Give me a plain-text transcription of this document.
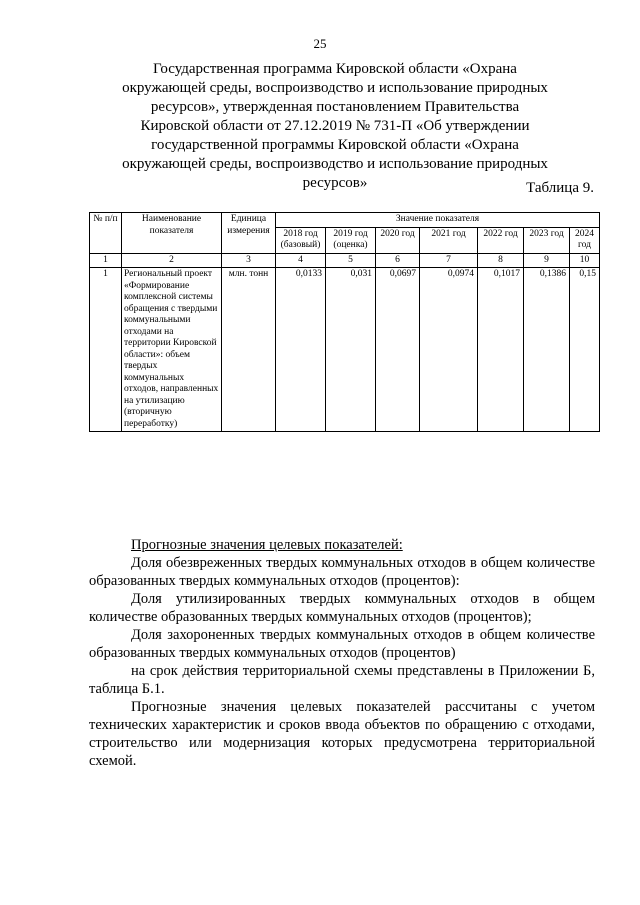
25
Государственная программа Кировской области «Охрана окружающей среды, воспроизводство и использование природных ресурсов», утвержденная постановлением Правительства Кировской области от 27.12.2019 № 731-П «Об утверждении государственной программы Кировской области «Охрана окружающей среды, воспроизводство и использование природных ресурсов»	Таблица 9.
№ п/п	Наименование показателя	Единица измерения	Значение показателя						
			2018 год (базовый)	2019 год (оценка)	2020 год	2021 год	2022 год	2023 год	2024 год
1	2	3	4	5	6	7	8	9	10
1	Региональный проект «Формирование комплексной системы обращения с твердыми коммунальными отходами на территории Кировской области»: объем твердых коммунальных отходов, направленных на утилизацию (вторичную переработку)	млн. тонн	0,0133	0,031	0,0697	0,0974	0,1017	0,1386	0,15

Прогнозные значения целевых показателей:

Доля обезвреженных твердых коммунальных отходов в общем количестве образованных твердых коммунальных отходов (процентов):

Доля утилизированных твердых коммунальных отходов в общем количестве образованных твердых коммунальных отходов (процентов);

Доля захороненных твердых коммунальных отходов в общем количестве образованных твердых коммунальных отходов (процентов)

на срок действия территориальной схемы представлены в Приложении Б, таблица Б.1.

Прогнозные значения целевых показателей рассчитаны с учетом технических характеристик и сроков ввода объектов по обращению с отходами, строительство или модернизация которых предусмотрена территориальной схемой.
